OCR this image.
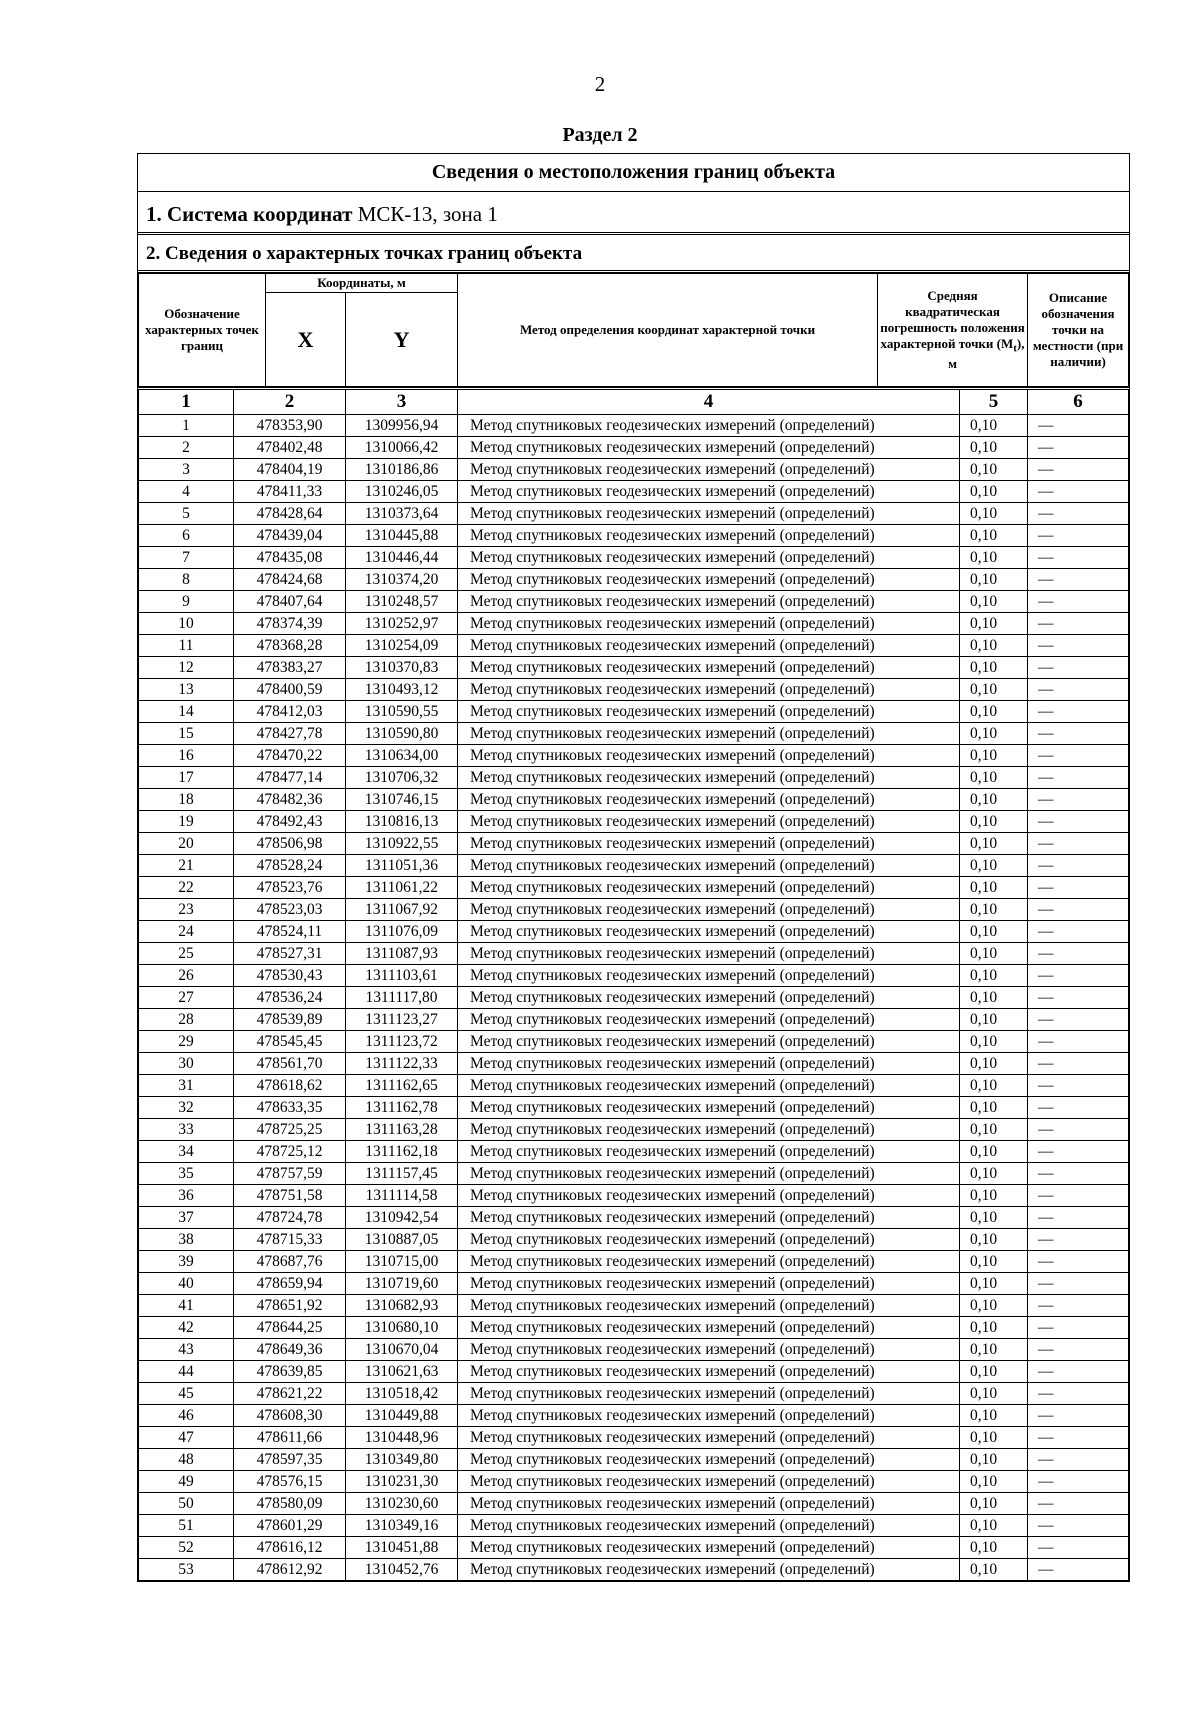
2
Раздел 2
Сведения о местоположения границ объекта
1. Система координат МСК-13, зона 1
2. Сведения о характерных точках границ объекта
Обозначение характерных точек границ	Координаты, м		Метод определения координат характерной точки	Средняя квадратическая погрешность положения характерной точки $(M_t)$, м	Описание обозначения точки на местности (при наличии)
	X	Y			
1	2	3	4	5	6
1	478353,90	1309956,94	Метод спутниковых геодезических измерений (определений)	0,10	—
2	478402,48	1310066,42	Метод спутниковых геодезических измерений (определений)	0,10	—
3	478404,19	1310186,86	Метод спутниковых геодезических измерений (определений)	0,10	—
4	478411,33	1310246,05	Метод спутниковых геодезических измерений (определений)	0,10	—
5	478428,64	1310373,64	Метод спутниковых геодезических измерений (определений)	0,10	—
6	478439,04	1310445,88	Метод спутниковых геодезических измерений (определений)	0,10	—
7	478435,08	1310446,44	Метод спутниковых геодезических измерений (определений)	0,10	—
8	478424,68	1310374,20	Метод спутниковых геодезических измерений (определений)	0,10	—
9	478407,64	1310248,57	Метод спутниковых геодезических измерений (определений)	0,10	—
10	478374,39	1310252,97	Метод спутниковых геодезических измерений (определений)	0,10	—
11	478368,28	1310254,09	Метод спутниковых геодезических измерений (определений)	0,10	—
12	478383,27	1310370,83	Метод спутниковых геодезических измерений (определений)	0,10	—
13	478400,59	1310493,12	Метод спутниковых геодезических измерений (определений)	0,10	—
14	478412,03	1310590,55	Метод спутниковых геодезических измерений (определений)	0,10	—
15	478427,78	1310590,80	Метод спутниковых геодезических измерений (определений)	0,10	—
16	478470,22	1310634,00	Метод спутниковых геодезических измерений (определений)	0,10	—
17	478477,14	1310706,32	Метод спутниковых геодезических измерений (определений)	0,10	—
18	478482,36	1310746,15	Метод спутниковых геодезических измерений (определений)	0,10	—
19	478492,43	1310816,13	Метод спутниковых геодезических измерений (определений)	0,10	—
20	478506,98	1310922,55	Метод спутниковых геодезических измерений (определений)	0,10	—
21	478528,24	1311051,36	Метод спутниковых геодезических измерений (определений)	0,10	—
22	478523,76	1311061,22	Метод спутниковых геодезических измерений (определений)	0,10	—
23	478523,03	1311067,92	Метод спутниковых геодезических измерений (определений)	0,10	—
24	478524,11	1311076,09	Метод спутниковых геодезических измерений (определений)	0,10	—
25	478527,31	1311087,93	Метод спутниковых геодезических измерений (определений)	0,10	—
26	478530,43	1311103,61	Метод спутниковых геодезических измерений (определений)	0,10	—
27	478536,24	1311117,80	Метод спутниковых геодезических измерений (определений)	0,10	—
28	478539,89	1311123,27	Метод спутниковых геодезических измерений (определений)	0,10	—
29	478545,45	1311123,72	Метод спутниковых геодезических измерений (определений)	0,10	—
30	478561,70	1311122,33	Метод спутниковых геодезических измерений (определений)	0,10	—
31	478618,62	1311162,65	Метод спутниковых геодезических измерений (определений)	0,10	—
32	478633,35	1311162,78	Метод спутниковых геодезических измерений (определений)	0,10	—
33	478725,25	1311163,28	Метод спутниковых геодезических измерений (определений)	0,10	—
34	478725,12	1311162,18	Метод спутниковых геодезических измерений (определений)	0,10	—
35	478757,59	1311157,45	Метод спутниковых геодезических измерений (определений)	0,10	—
36	478751,58	1311114,58	Метод спутниковых геодезических измерений (определений)	0,10	—
37	478724,78	1310942,54	Метод спутниковых геодезических измерений (определений)	0,10	—
38	478715,33	1310887,05	Метод спутниковых геодезических измерений (определений)	0,10	—
39	478687,76	1310715,00	Метод спутниковых геодезических измерений (определений)	0,10	—
40	478659,94	1310719,60	Метод спутниковых геодезических измерений (определений)	0,10	—
41	478651,92	1310682,93	Метод спутниковых геодезических измерений (определений)	0,10	—
42	478644,25	1310680,10	Метод спутниковых геодезических измерений (определений)	0,10	—
43	478649,36	1310670,04	Метод спутниковых геодезических измерений (определений)	0,10	—
44	478639,85	1310621,63	Метод спутниковых геодезических измерений (определений)	0,10	—
45	478621,22	1310518,42	Метод спутниковых геодезических измерений (определений)	0,10	—
46	478608,30	1310449,88	Метод спутниковых геодезических измерений (определений)	0,10	—
47	478611,66	1310448,96	Метод спутниковых геодезических измерений (определений)	0,10	—
48	478597,35	1310349,80	Метод спутниковых геодезических измерений (определений)	0,10	—
49	478576,15	1310231,30	Метод спутниковых геодезических измерений (определений)	0,10	—
50	478580,09	1310230,60	Метод спутниковых геодезических измерений (определений)	0,10	—
51	478601,29	1310349,16	Метод спутниковых геодезических измерений (определений)	0,10	—
52	478616,12	1310451,88	Метод спутниковых геодезических измерений (определений)	0,10	—
53	478612,92	1310452,76	Метод спутниковых геодезических измерений (определений)	0,10	—
